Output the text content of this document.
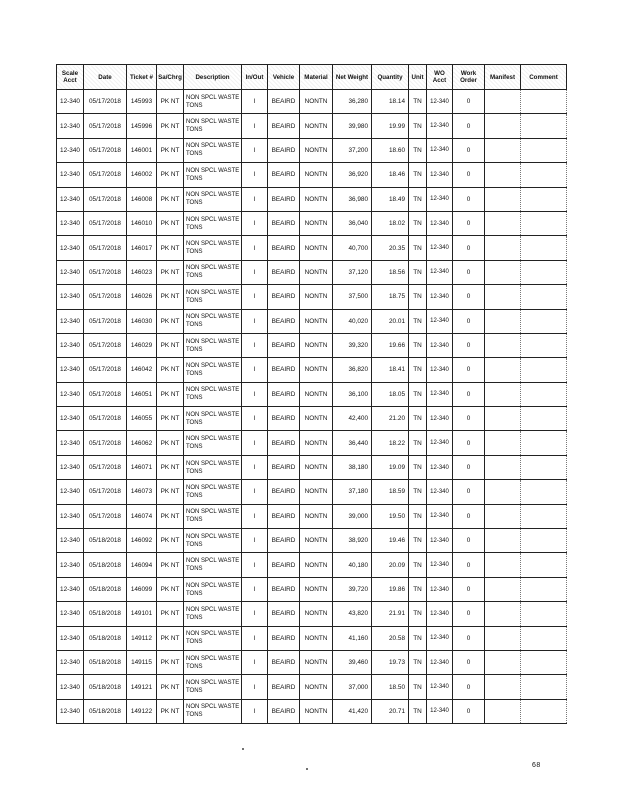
Scale Acct	Date	Ticket #	Sa/Chrg	Description	In/Out	Vehicle	Material	Net Weight	Quantity	Unit	WO Acct	Work Order	Manifest	Comment
12-340	05/17/2018	145993	PK NT	NON SPCL WASTE TONS	I	BEAIRD	NONTN	36,280	18.14	TN	12-340	0		
12-340	05/17/2018	145996	PK NT	NON SPCL WASTE TONS	I	BEAIRD	NONTN	39,980	19.99	TN	12-340	0		
12-340	05/17/2018	146001	PK NT	NON SPCL WASTE TONS	I	BEAIRD	NONTN	37,200	18.60	TN	12-340	0		
12-340	05/17/2018	146002	PK NT	NON SPCL WASTE TONS	I	BEAIRD	NONTN	36,920	18.46	TN	12-340	0		
12-340	05/17/2018	146008	PK NT	NON SPCL WASTE TONS	I	BEAIRD	NONTN	36,980	18.49	TN	12-340	0		
12-340	05/17/2018	146010	PK NT	NON SPCL WASTE TONS	I	BEAIRD	NONTN	36,040	18.02	TN	12-340	0		
12-340	05/17/2018	146017	PK NT	NON SPCL WASTE TONS	I	BEAIRD	NONTN	40,700	20.35	TN	12-340	0		
12-340	05/17/2018	146023	PK NT	NON SPCL WASTE TONS	I	BEAIRD	NONTN	37,120	18.56	TN	12-340	0		
12-340	05/17/2018	146026	PK NT	NON SPCL WASTE TONS	I	BEAIRD	NONTN	37,500	18.75	TN	12-340	0		
12-340	05/17/2018	146030	PK NT	NON SPCL WASTE TONS	I	BEAIRD	NONTN	40,020	20.01	TN	12-340	0		
12-340	05/17/2018	146029	PK NT	NON SPCL WASTE TONS	I	BEAIRD	NONTN	39,320	19.66	TN	12-340	0		
12-340	05/17/2018	146042	PK NT	NON SPCL WASTE TONS	I	BEAIRD	NONTN	36,820	18.41	TN	12-340	0		
12-340	05/17/2018	146051	PK NT	NON SPCL WASTE TONS	I	BEAIRD	NONTN	36,100	18.05	TN	12-340	0		
12-340	05/17/2018	146055	PK NT	NON SPCL WASTE TONS	I	BEAIRD	NONTN	42,400	21.20	TN	12-340	0		
12-340	05/17/2018	146062	PK NT	NON SPCL WASTE TONS	I	BEAIRD	NONTN	36,440	18.22	TN	12-340	0		
12-340	05/17/2018	146071	PK NT	NON SPCL WASTE TONS	I	BEAIRD	NONTN	38,180	19.09	TN	12-340	0		
12-340	05/17/2018	146073	PK NT	NON SPCL WASTE TONS	I	BEAIRD	NONTN	37,180	18.59	TN	12-340	0		
12-340	05/17/2018	146074	PK NT	NON SPCL WASTE TONS	I	BEAIRD	NONTN	39,000	19.50	TN	12-340	0		
12-340	05/18/2018	146092	PK NT	NON SPCL WASTE TONS	I	BEAIRD	NONTN	38,920	19.46	TN	12-340	0		
12-340	05/18/2018	146094	PK NT	NON SPCL WASTE TONS	I	BEAIRD	NONTN	40,180	20.09	TN	12-340	0		
12-340	05/18/2018	146099	PK NT	NON SPCL WASTE TONS	I	BEAIRD	NONTN	39,720	19.86	TN	12-340	0		
12-340	05/18/2018	149101	PK NT	NON SPCL WASTE TONS	I	BEAIRD	NONTN	43,820	21.91	TN	12-340	0		
12-340	05/18/2018	149112	PK NT	NON SPCL WASTE TONS	I	BEAIRD	NONTN	41,160	20.58	TN	12-340	0		
12-340	05/18/2018	149115	PK NT	NON SPCL WASTE TONS	I	BEAIRD	NONTN	39,460	19.73	TN	12-340	0		
12-340	05/18/2018	149121	PK NT	NON SPCL WASTE TONS	I	BEAIRD	NONTN	37,000	18.50	TN	12-340	0		
12-340	05/18/2018	149122	PK NT	NON SPCL WASTE TONS	I	BEAIRD	NONTN	41,420	20.71	TN	12-340	0		
68
